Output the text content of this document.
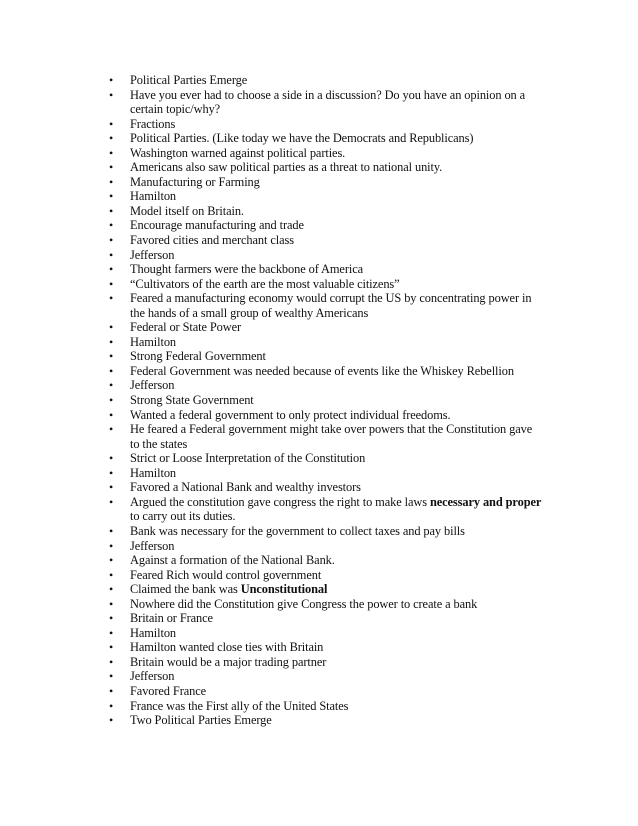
• Political Parties Emerge
• Have you ever had to choose a side in a discussion? Do you have an opinion on a certain topic/why?
• Fractions
• Political Parties. (Like today we have the Democrats and Republicans)
• Washington warned against political parties.
• Americans also saw political parties as a threat to national unity.
• Manufacturing or Farming
• Hamilton
• Model itself on Britain.
• Encourage manufacturing and trade
• Favored cities and merchant class
• Jefferson
• Thought farmers were the backbone of America
• “Cultivators of the earth are the most valuable citizens”
• Feared a manufacturing economy would corrupt the US by concentrating power in the hands of a small group of wealthy Americans
• Federal or State Power
• Hamilton
• Strong Federal Government
• Federal Government was needed because of events like the Whiskey Rebellion
• Jefferson
• Strong State Government
• Wanted a federal government to only protect individual freedoms.
• He feared a Federal government might take over powers that the Constitution gave to the states
• Strict or Loose Interpretation of the Constitution
• Hamilton
• Favored a National Bank and wealthy investors
• Argued the constitution gave congress the right to make laws necessary and proper to carry out its duties.
• Bank was necessary for the government to collect taxes and pay bills
• Jefferson
• Against a formation of the National Bank.
• Feared Rich would control government
• Claimed the bank was Unconstitutional
• Nowhere did the Constitution give Congress the power to create a bank
• Britain or France
• Hamilton
• Hamilton wanted close ties with Britain
• Britain would be a major trading partner
• Jefferson
• Favored France
• France was the First ally of the United States
• Two Political Parties Emerge
